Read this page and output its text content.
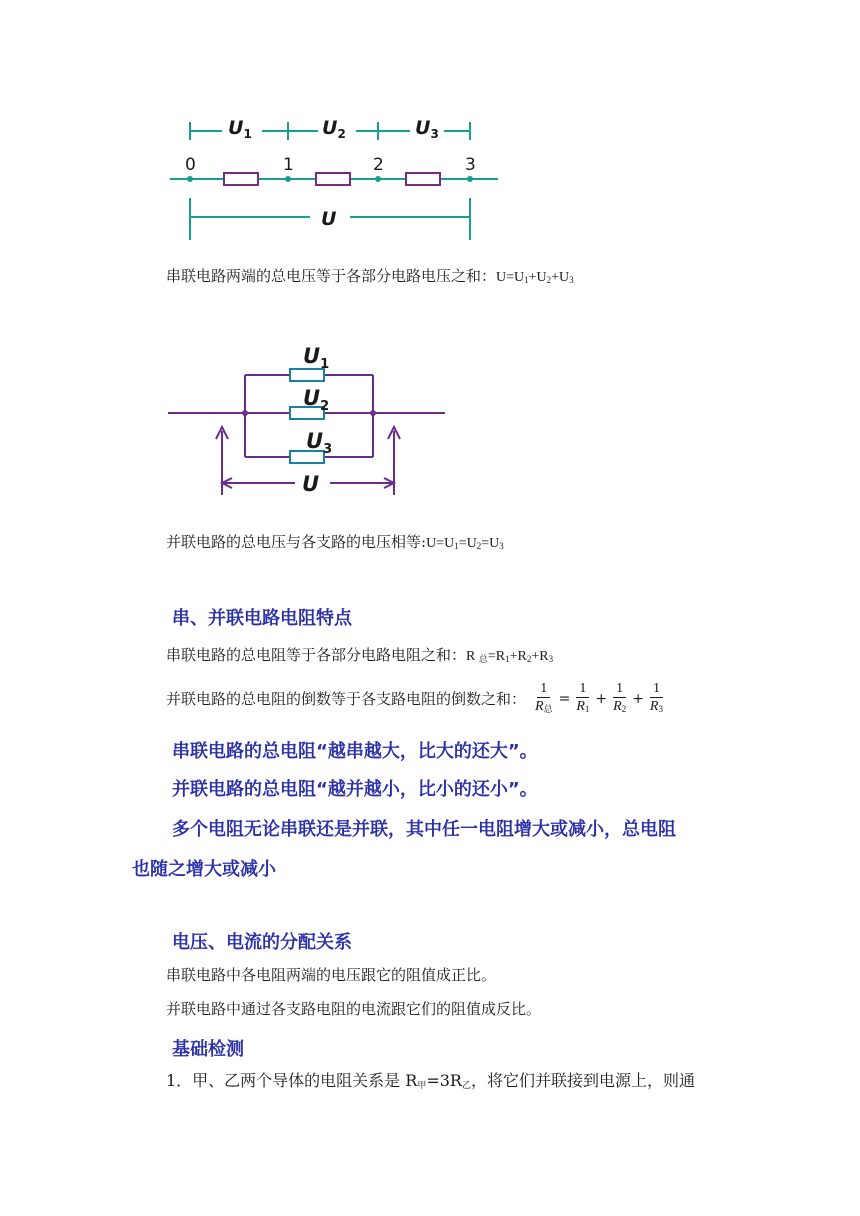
$U_1$	$U_2$	$U_3$
U
0	1	2	3
串联电路两端的总电压等于各部分电路电压之和：$U=U_1+U_2+U_3$
$U_1$
$U_2$
$U_3$
U
并联电路的总电压与各支路的电压相等$:U=U_1=U_2=U_3$
串、并联电路电阻特点
串联电路的总电阻等于各部分电路电阻之和：R $_总=R_1+R_2+R_3$
并联电路的总电阻的倒数等于各支路电阻的倒数之和： $\frac{1}{R_总} = \frac{1}{R_1} + \frac{1}{R_2} + \frac{1}{R_3}$
串联电路的总电阻“越串越大，比大的还大”。
并联电路的总电阻“越并越小，比小的还小”。
多个电阻无论串联还是并联，其中任一电阻增大或减小，总电阻
也随之增大或减小
电压、电流的分配关系
串联电路中各电阻两端的电压跟它的阻值成正比。
并联电路中通过各支路电阻的电流跟它们的阻值成反比。
基础检测
1．甲、乙两个导体的电阻关系是 $R_甲=3R_乙$，将它们并联接到电源上，则通
